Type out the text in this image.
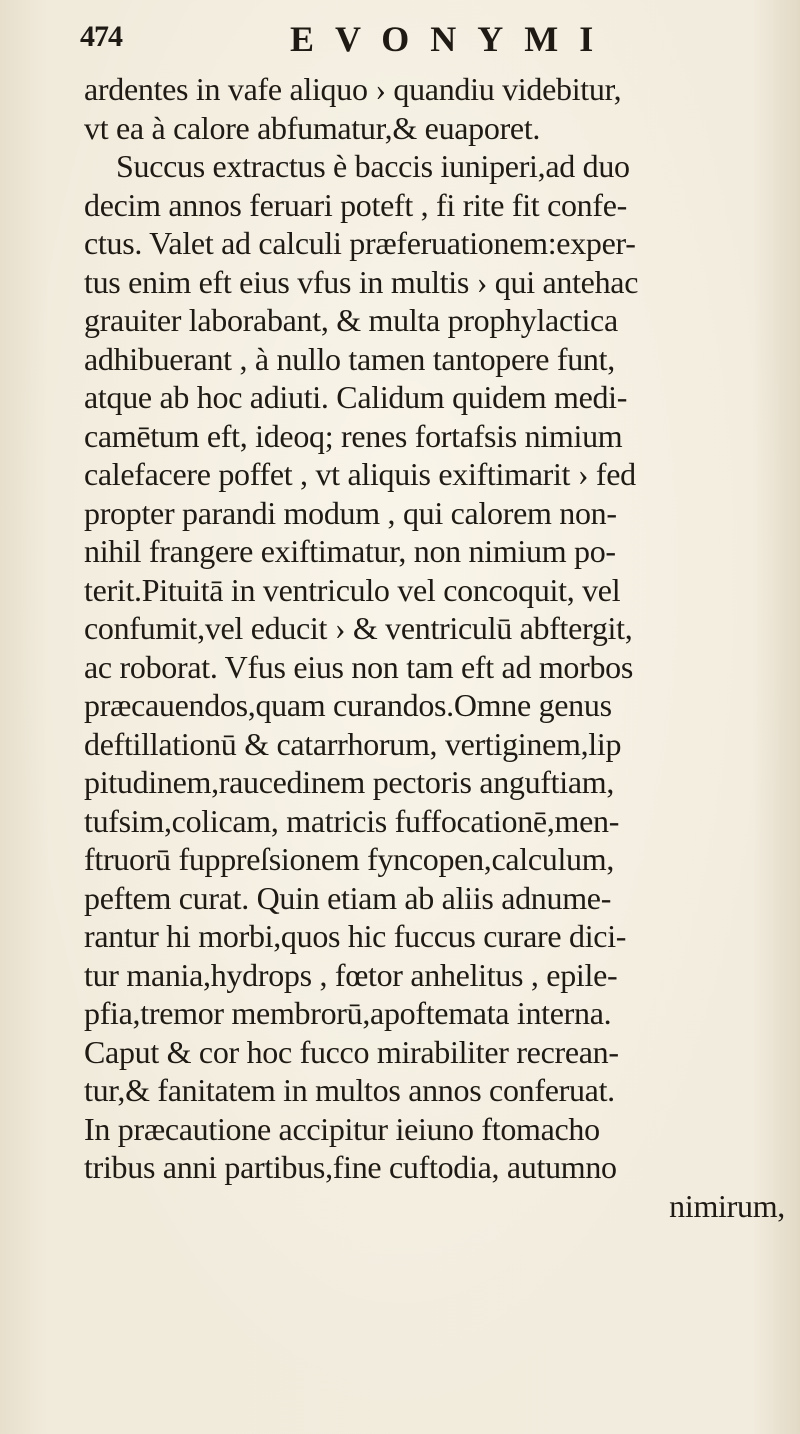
474	EVONYMI
ardentes in vafe aliquo › quandiu videbitur,
vt ea à calore abfumatur,& euaporet.
Succus extractus è baccis iuniperi,ad duo
decim annos feruari poteft , fi rite fit confe-
ctus. Valet ad calculi præferuationem:exper-
tus enim eft eius vfus in multis › qui antehac
grauiter laborabant, & multa prophylactica
adhibuerant , à nullo tamen tantopere funt,
atque ab hoc adiuti. Calidum quidem medi-
camētum eft, ideoq; renes fortafsis nimium
calefacere poffet , vt aliquis exiftimarit › fed
propter parandi modum , qui calorem non-
nihil frangere exiftimatur, non nimium po-
terit.Pituitā in ventriculo vel concoquit, vel
confumit,vel educit › & ventriculū abftergit,
ac roborat. Vfus eius non tam eft ad morbos
præcauendos,quam curandos.Omne genus
deftillationū & catarrhorum, vertiginem,lip
pitudinem,raucedinem pectoris anguftiam,
tufsim,colicam, matricis fuffocationē,men-
ftruorū fuppreſsionem fyncopen,calculum,
peftem curat. Quin etiam ab aliis adnume-
rantur hi morbi,quos hic fuccus curare dici-
tur mania,hydrops , fœtor anhelitus , epile-
pfia,tremor membrorū,apoftemata interna.
Caput & cor hoc fucco mirabiliter recrean-
tur,& fanitatem in multos annos conferuat.
In præcautione accipitur ieiuno ftomacho
tribus anni partibus,fine cuftodia, autumno
nimirum,
